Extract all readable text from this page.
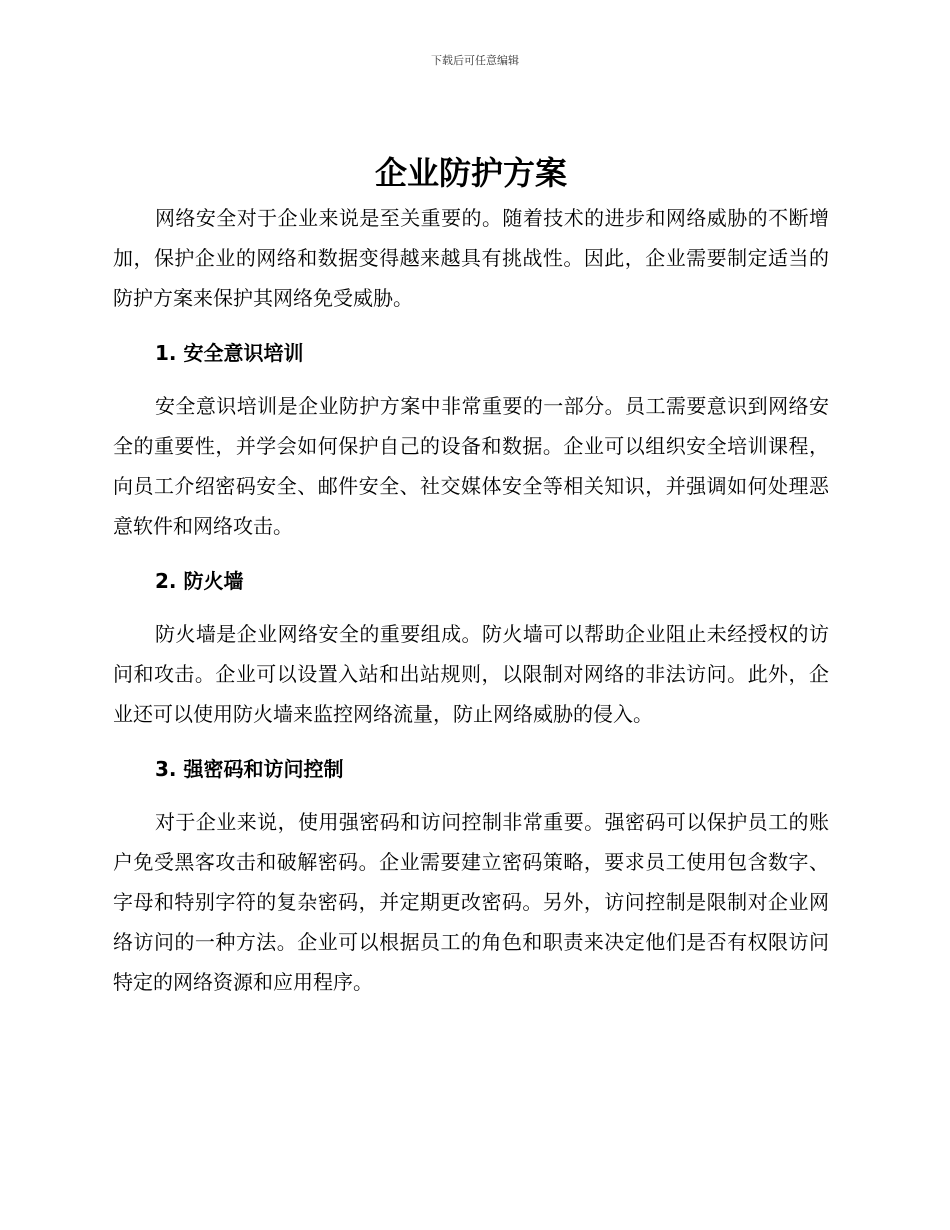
下载后可任意编辑
企业防护方案

网络安全对于企业来说是至关重要的。随着技术的进步和网络威胁的不断增加，保护企业的网络和数据变得越来越具有挑战性。因此，企业需要制定适当的防护方案来保护其网络免受威胁。

1. 安全意识培训

安全意识培训是企业防护方案中非常重要的一部分。员工需要意识到网络安全的重要性，并学会如何保护自己的设备和数据。企业可以组织安全培训课程，向员工介绍密码安全、邮件安全、社交媒体安全等相关知识，并强调如何处理恶意软件和网络攻击。

2. 防火墙

防火墙是企业网络安全的重要组成。防火墙可以帮助企业阻止未经授权的访问和攻击。企业可以设置入站和出站规则，以限制对网络的非法访问。此外，企业还可以使用防火墙来监控网络流量，防止网络威胁的侵入。

3. 强密码和访问控制

对于企业来说，使用强密码和访问控制非常重要。强密码可以保护员工的账户免受黑客攻击和破解密码。企业需要建立密码策略，要求员工使用包含数字、字母和特别字符的复杂密码，并定期更改密码。另外，访问控制是限制对企业网络访问的一种方法。企业可以根据员工的角色和职责来决定他们是否有权限访问特定的网络资源和应用程序。
